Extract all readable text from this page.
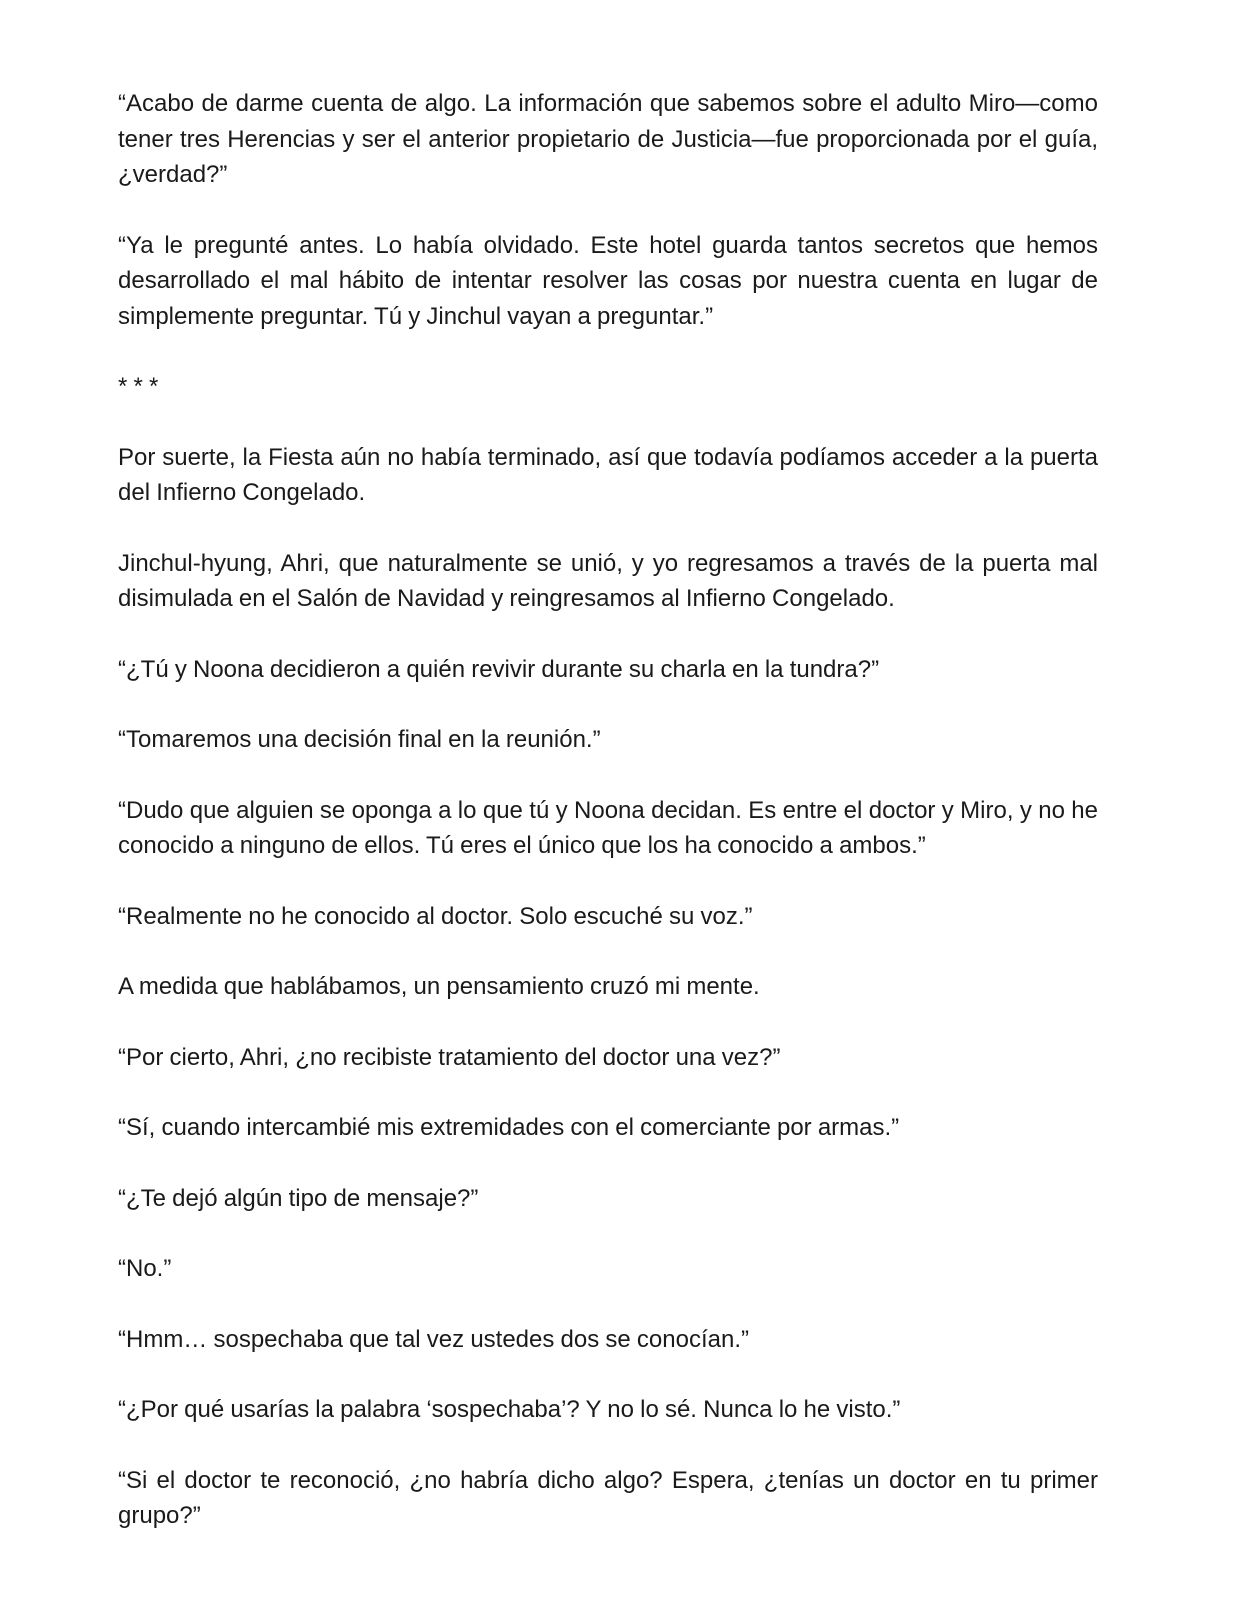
“Acabo de darme cuenta de algo. La información que sabemos sobre el adulto Miro—como tener tres Herencias y ser el anterior propietario de Justicia—fue proporcionada por el guía, ¿verdad?”

“Ya le pregunté antes. Lo había olvidado. Este hotel guarda tantos secretos que hemos desarrollado el mal hábito de intentar resolver las cosas por nuestra cuenta en lugar de simplemente preguntar. Tú y Jinchul vayan a preguntar.”

* * *

Por suerte, la Fiesta aún no había terminado, así que todavía podíamos acceder a la puerta del Infierno Congelado.

Jinchul-hyung, Ahri, que naturalmente se unió, y yo regresamos a través de la puerta mal disimulada en el Salón de Navidad y reingresamos al Infierno Congelado.

“¿Tú y Noona decidieron a quién revivir durante su charla en la tundra?”

“Tomaremos una decisión final en la reunión.”

“Dudo que alguien se oponga a lo que tú y Noona decidan. Es entre el doctor y Miro, y no he conocido a ninguno de ellos. Tú eres el único que los ha conocido a ambos.”

“Realmente no he conocido al doctor. Solo escuché su voz.”

A medida que hablábamos, un pensamiento cruzó mi mente.

“Por cierto, Ahri, ¿no recibiste tratamiento del doctor una vez?”

“Sí, cuando intercambié mis extremidades con el comerciante por armas.”

“¿Te dejó algún tipo de mensaje?”

“No.”

“Hmm… sospechaba que tal vez ustedes dos se conocían.”

“¿Por qué usarías la palabra ‘sospechaba’? Y no lo sé. Nunca lo he visto.”

“Si el doctor te reconoció, ¿no habría dicho algo? Espera, ¿tenías un doctor en tu primer grupo?”
